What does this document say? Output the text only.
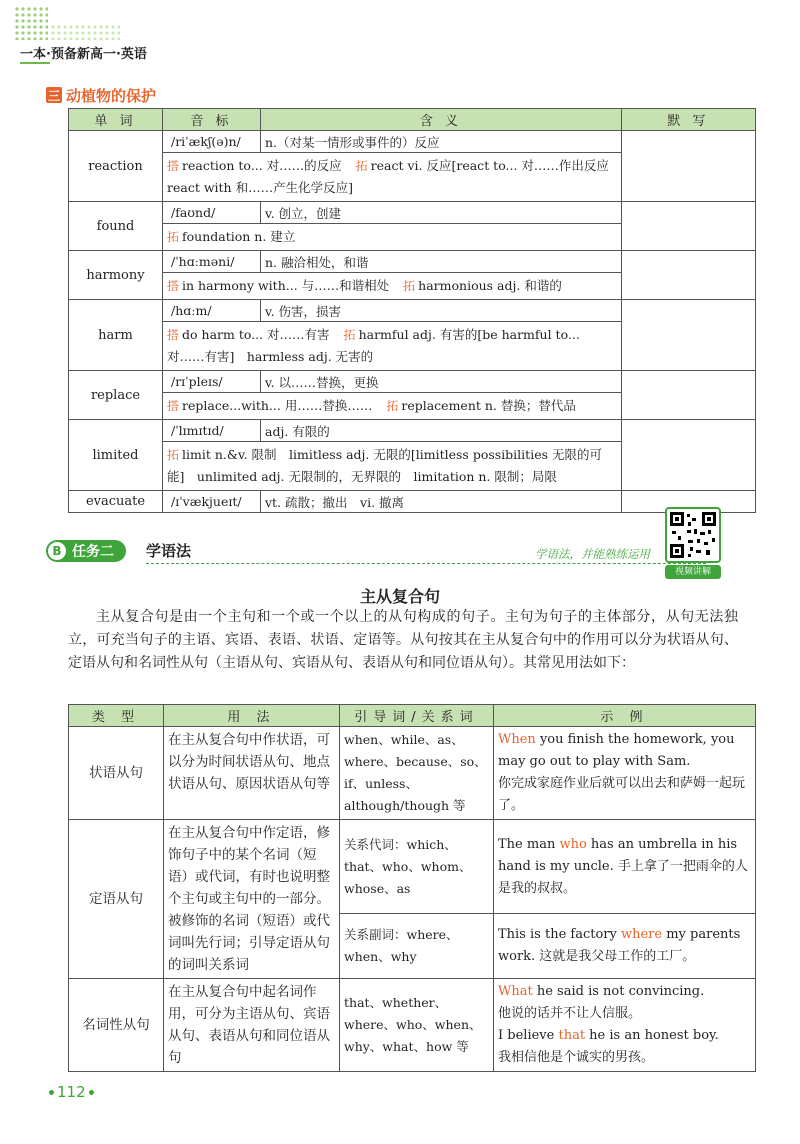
一本·预备新高一·英语
三 动植物的保护
单 词	音 标	含 义	默 写
reaction	/riˈækʃ(ə)n/	n.（对某一情形或事件的）反应	
	搭 reaction to... 对……的反应 拓 react vi. 反应[react to... 对……作出反应　react with 和……产生化学反应]		
found	/faʊnd/	v. 创立，创建	
	拓 foundation n. 建立		
harmony	/ˈhɑːməni/	n. 融洽相处，和谐	
	搭 in harmony with... 与……和谐相处 拓 harmonious adj. 和谐的		
harm	/hɑːm/	v. 伤害，损害	
	搭 do harm to... 对……有害 拓 harmful adj. 有害的[be harmful to... 对……有害]　harmless adj. 无害的		
replace	/rɪˈpleɪs/	v. 以……替换，更换	
	搭 replace...with... 用……替换…… 拓 replacement n. 替换；替代品		
limited	/ˈlɪmɪtɪd/	adj. 有限的	
	拓 limit n.&v. 限制　limitless adj. 无限的[limitless possibilities 无限的可能]　unlimited adj. 无限制的，无界限的　limitation n. 限制；局限		
evacuate	/ɪˈvækjueɪt/	vt. 疏散；撤出　vi. 撤离	
B 任务二 学语法	学语法，并能熟练运用
视频讲解
主从复合句
主从复合句是由一个主句和一个或一个以上的从句构成的句子。主句为句子的主体部分，从句无法独立，可充当句子的主语、宾语、表语、状语、定语等。从句按其在主从复合句中的作用可以分为状语从句、定语从句和名词性从句（主语从句、宾语从句、表语从句和同位语从句）。其常见用法如下：
类 型	用 法	引导词/关系词	示 例
状语从句	在主从复合句中作状语，可以分为时间状语从句、地点状语从句、原因状语从句等	when、while、as、where、because、so、if、unless、although/though 等	When you finish the homework, you may go out to play with Sam.
你完成家庭作业后就可以出去和萨姆一起玩了。
定语从句	在主从复合句中作定语，修饰句子中的某个名词（短语）或代词，有时也说明整个主句或主句中的一部分。被修饰的名词（短语）或代词叫先行词；引导定语从句的词叫关系词	关系代词：which、that、who、whom、whose、as	The man who has an umbrella in his hand is my uncle. 手上拿了一把雨伞的人是我的叔叔。
		关系副词：where、when、why	This is the factory where my parents work. 这就是我父母工作的工厂。
名词性从句	在主从复合句中起名词作用，可分为主语从句、宾语从句、表语从句和同位语从句	that、whether、where、who、when、why、what、how 等	What he said is not convincing.
他说的话并不让人信服。
I believe that he is an honest boy.
我相信他是个诚实的男孩。
112
